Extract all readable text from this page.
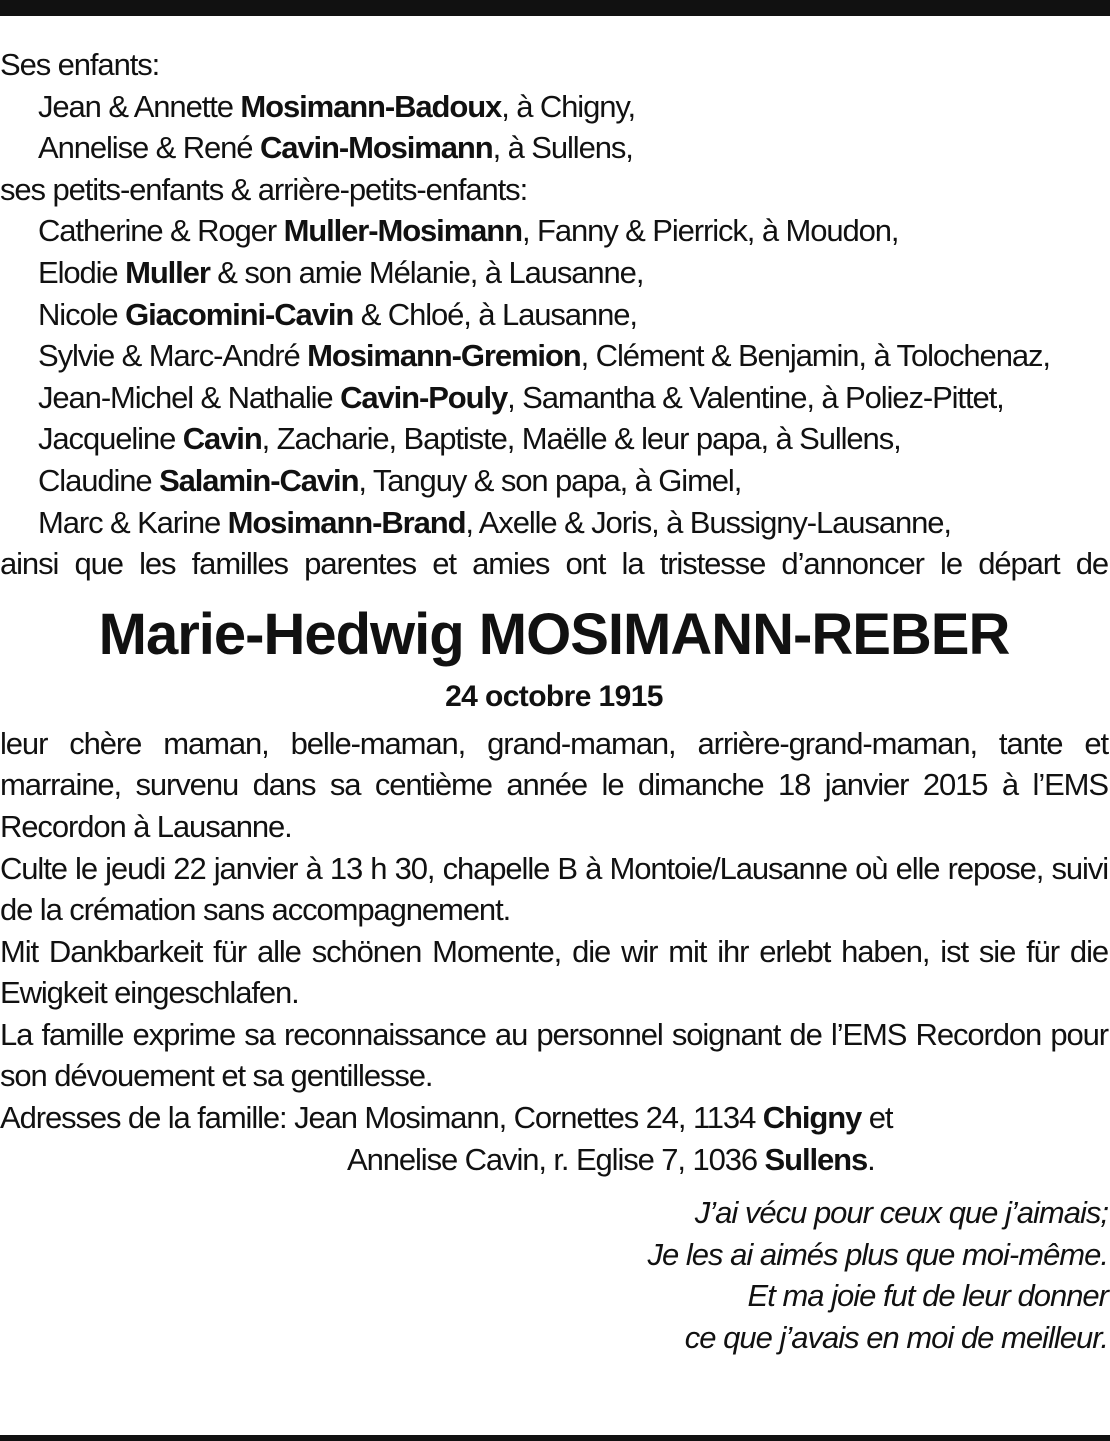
Ses enfants:
Jean & Annette Mosimann-Badoux, à Chigny,
Annelise & René Cavin-Mosimann, à Sullens,
ses petits-enfants & arrière-petits-enfants:
Catherine & Roger Muller-Mosimann, Fanny & Pierrick, à Moudon,
Elodie Muller & son amie Mélanie, à Lausanne,
Nicole Giacomini-Cavin & Chloé, à Lausanne,
Sylvie & Marc-André Mosimann-Gremion, Clément & Benjamin, à Tolochenaz,
Jean-Michel & Nathalie Cavin-Pouly, Samantha & Valentine, à Poliez-Pittet,
Jacqueline Cavin, Zacharie, Baptiste, Maëlle & leur papa, à Sullens,
Claudine Salamin-Cavin, Tanguy & son papa, à Gimel,
Marc & Karine Mosimann-Brand, Axelle & Joris, à Bussigny-Lausanne,
ainsi que les familles parentes et amies ont la tristesse d’annoncer le départ de
Marie-Hedwig MOSIMANN-REBER
24 octobre 1915
leur chère maman, belle-maman, grand-maman, arrière-grand-maman, tante et marraine, survenu dans sa centième année le dimanche 18 janvier 2015 à l’EMS Recordon à Lausanne.
Culte le jeudi 22 janvier à 13 h 30, chapelle B à Montoie/Lausanne où elle repose, suivi de la crémation sans accompagnement.
Mit Dankbarkeit für alle schönen Momente, die wir mit ihr erlebt haben, ist sie für die Ewigkeit eingeschlafen.
La famille exprime sa reconnaissance au personnel soignant de l’EMS Recordon pour son dévouement et sa gentillesse.
Adresses de la famille: Jean Mosimann, Cornettes 24, 1134 Chigny et
Annelise Cavin, r. Eglise 7, 1036 Sullens.
J’ai vécu pour ceux que j’aimais;
Je les ai aimés plus que moi-même.
Et ma joie fut de leur donner
ce que j’avais en moi de meilleur.
